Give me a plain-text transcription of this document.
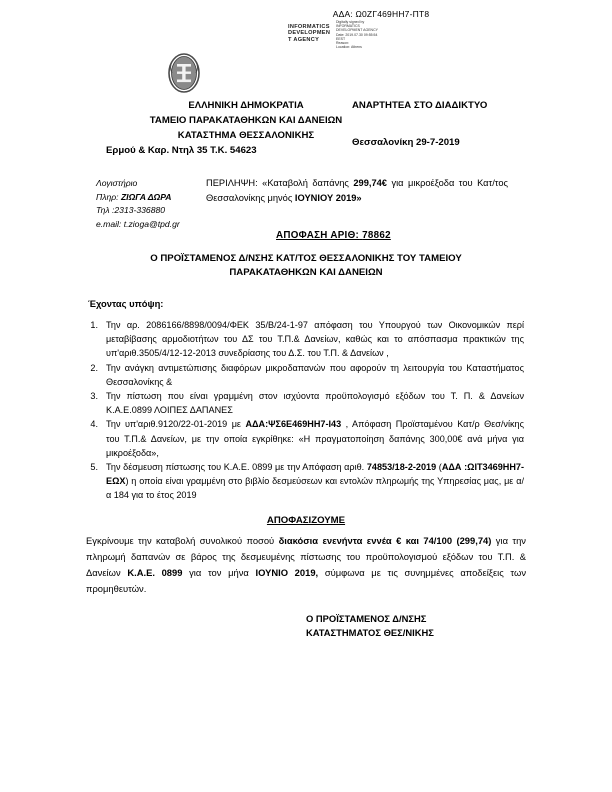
ΑΔΑ: Ω0ΖΓ469ΗΗ7-ΠΤ8
INFORMATICS DEVELOPMEN T AGENCY
Digitally signed by
INFORMATICS
DEVELOPMENT AGENCY
Date: 2019.07.30 09:55:54
EEST
Reason:
Location: Athens
ΕΛΛΗΝΙΚΗ ΔΗΜΟΚΡΑΤΙΑ
ΤΑΜΕΙΟ ΠΑΡΑΚΑΤΑΘΗΚΩΝ ΚΑΙ ΔΑΝΕΙΩΝ
ΚΑΤΑΣΤΗΜΑ ΘΕΣΣΑΛΟΝΙΚΗΣ
Ερμού & Καρ. Ντηλ 35 Τ.Κ. 54623
ΑΝΑΡΤΗΤΕΑ ΣΤΟ ΔΙΑΔΙΚΤΥΟ
Θεσσαλονίκη 29-7-2019
Λογιστήριο
Πληρ: ΖΙΩΓΑ ΔΩΡΑ
Τηλ :2313-336880
e.mail: t.zioga@tpd.gr
ΠΕΡΙΛΗΨΗ: «Καταβολή δαπάνης 299,74€ για μικροέξοδα του Κατ/τος Θεσσαλονίκης μηνός ΙΟΥΝΙΟΥ 2019»
ΑΠΟΦΑΣΗ ΑΡΙΘ: 78862
Ο ΠΡΟΪΣΤΑΜΕΝΟΣ Δ/ΝΣΗΣ ΚΑΤ/ΤΟΣ ΘΕΣΣΑΛΟΝΙΚΗΣ ΤΟΥ ΤΑΜΕΙΟΥ
ΠΑΡΑΚΑΤΑΘΗΚΩΝ ΚΑΙ ΔΑΝΕΙΩΝ
Έχοντας υπόψη:
1. Την αρ. 2086166/8898/0094/ΦΕΚ 35/Β/24-1-97 απόφαση του Υπουργού των Οικονομικών περί μεταβίβασης αρμοδιοτήτων του ΔΣ του Τ.Π.& Δανείων, καθώς και το απόσπασμα πρακτικών της υπ'αριθ.3505/4/12-12-2013 συνεδρίασης του Δ.Σ. του Τ.Π. & Δανείων ,
2. Την ανάγκη αντιμετώπισης διαφόρων μικροδαπανών που αφορούν τη λειτουργία του Καταστήματος Θεσσαλονίκης &
3. Την πίστωση που είναι γραμμένη στον ισχύοντα προϋπολογισμό εξόδων του Τ. Π. & Δανείων Κ.Α.Ε.0899 ΛΟΙΠΕΣ ΔΑΠΑΝΕΣ
4. Την υπ'αριθ.9120/22-01-2019 με ΑΔΑ:ΨΣ6Ε469ΗΗ7-Ι43 , Απόφαση Προϊσταμένου Κατ/ρ Θεσ/νίκης του Τ.Π.& Δανείων, με την οποία εγκρίθηκε: «Η πραγματοποίηση δαπάνης 300,00€ ανά μήνα για μικροέξοδα»,
5. Την δέσμευση πίστωσης του Κ.Α.Ε. 0899 με την Απόφαση αριθ. 74853/18-2-2019 (ΑΔΑ :ΩΙΤ3469ΗΗ7-ΕΩΧ) η οποία είναι γραμμένη στο βιβλίο δεσμεύσεων και εντολών πληρωμής της Υπηρεσίας μας, με α/α 184 για το έτος 2019
ΑΠΟΦΑΣΙΖΟΥΜΕ
Εγκρίνουμε την καταβολή συνολικού ποσού διακόσια ενενήντα εννέα € και 74/100 (299,74) για την πληρωμή δαπανών σε βάρος της δεσμευμένης πίστωσης του προϋπολογισμού εξόδων του Τ.Π. & Δανείων Κ.Α.Ε. 0899 για τον μήνα ΙΟΥΝΙΟ 2019, σύμφωνα με τις συνημμένες αποδείξεις των προμηθευτών.
Ο ΠΡΟΪΣΤΑΜΕΝΟΣ Δ/ΝΣΗΣ
ΚΑΤΑΣΤΗΜΑΤΟΣ ΘΕΣ/ΝΙΚΗΣ
